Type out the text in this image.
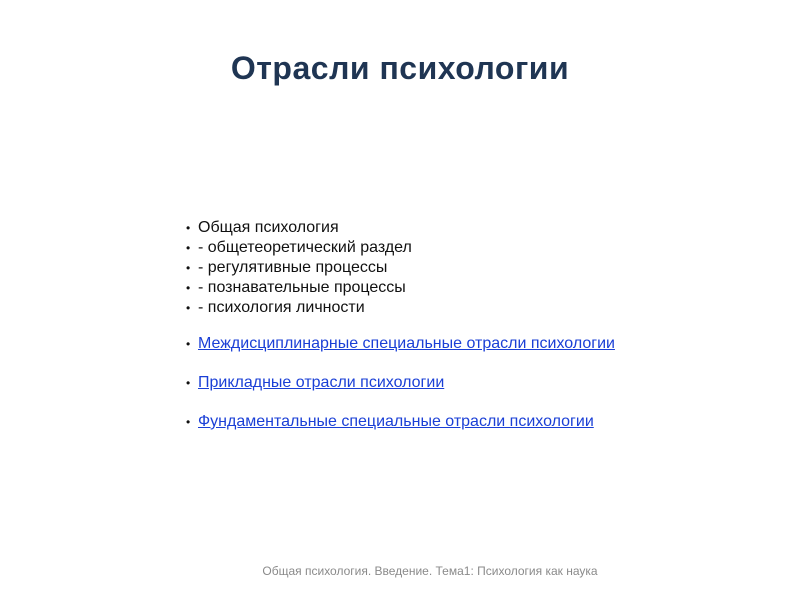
Отрасли психологии
• Общая психология
• - общетеоретический раздел
• - регулятивные процессы
• - познавательные процессы
• - психология личности
• Междисциплинарные специальные отрасли психологии
• Прикладные отрасли психологии
• Фундаментальные специальные отрасли психологии
Общая психология. Введение. Тема1: Психология как наука
